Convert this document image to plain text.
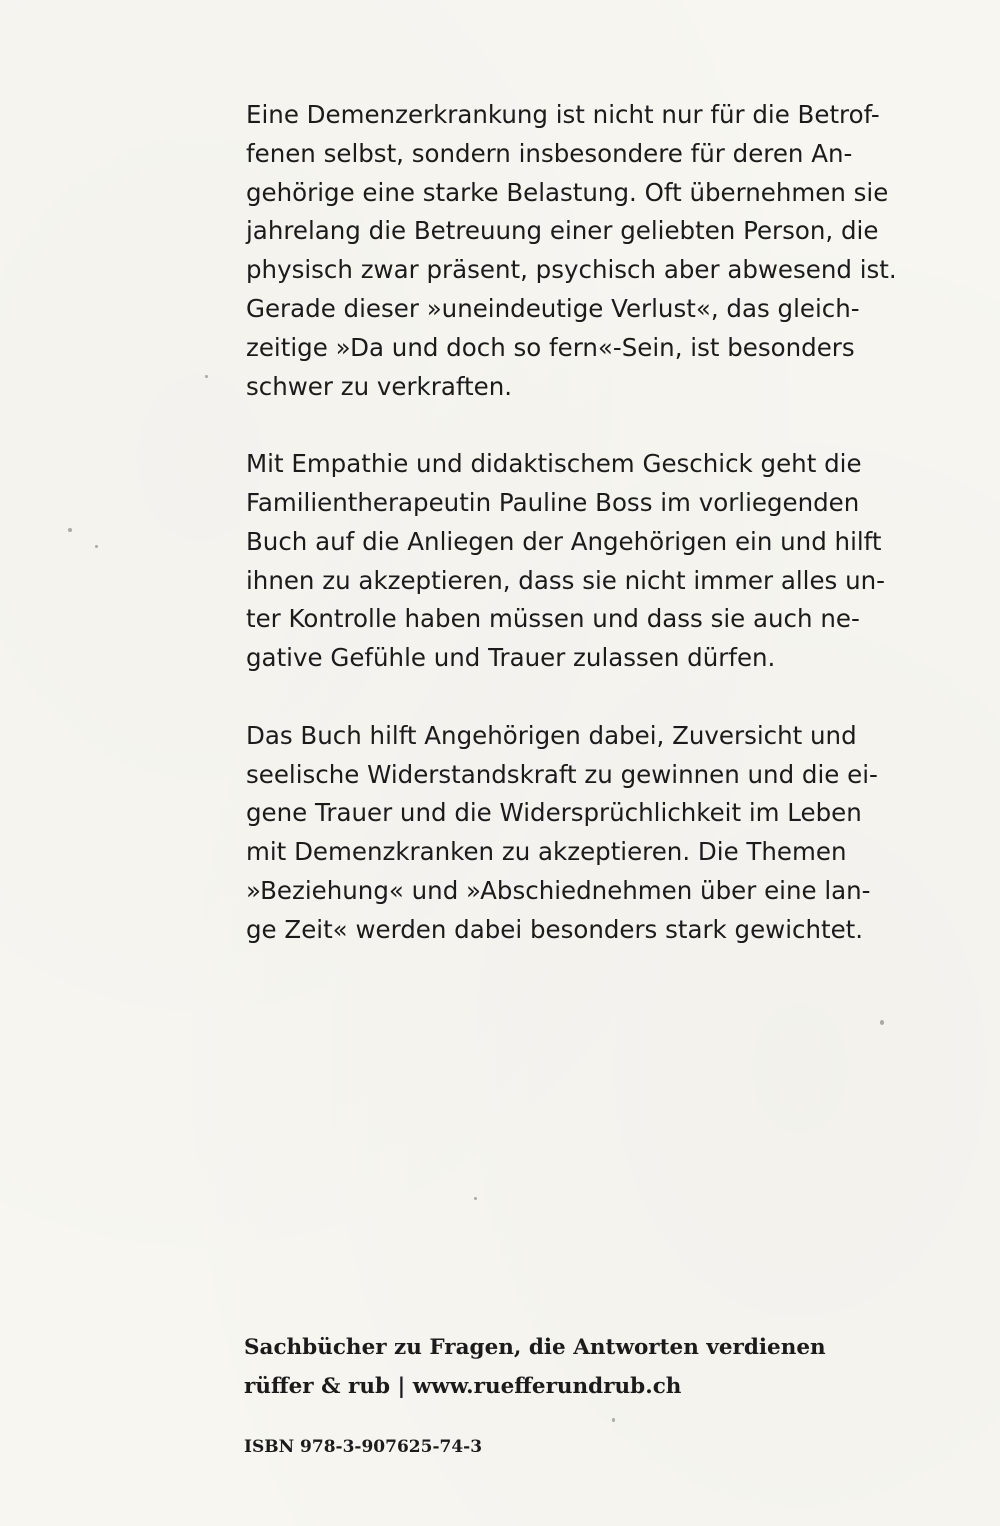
Eine Demenzerkrankung ist nicht nur für die Betrof-
fenen selbst, sondern insbesondere für deren An-
gehörige eine starke Belastung. Oft übernehmen sie
jahrelang die Betreuung einer geliebten Person, die
physisch zwar präsent, psychisch aber abwesend ist.
Gerade dieser »uneindeutige Verlust«, das gleich-
zeitige »Da und doch so fern«-Sein, ist besonders
schwer zu verkraften.

Mit Empathie und didaktischem Geschick geht die
Familientherapeutin Pauline Boss im vorliegenden
Buch auf die Anliegen der Angehörigen ein und hilft
ihnen zu akzeptieren, dass sie nicht immer alles un-
ter Kontrolle haben müssen und dass sie auch ne-
gative Gefühle und Trauer zulassen dürfen.

Das Buch hilft Angehörigen dabei, Zuversicht und
seelische Widerstandskraft zu gewinnen und die ei-
gene Trauer und die Widersprüchlichkeit im Leben
mit Demenzkranken zu akzeptieren. Die Themen
»Beziehung« und »Abschiednehmen über eine lan-
ge Zeit« werden dabei besonders stark gewichtet.

Sachbücher zu Fragen, die Antworten verdienen
rüffer & rub | www.ruefferundrub.ch
ISBN 978-3-907625-74-3
